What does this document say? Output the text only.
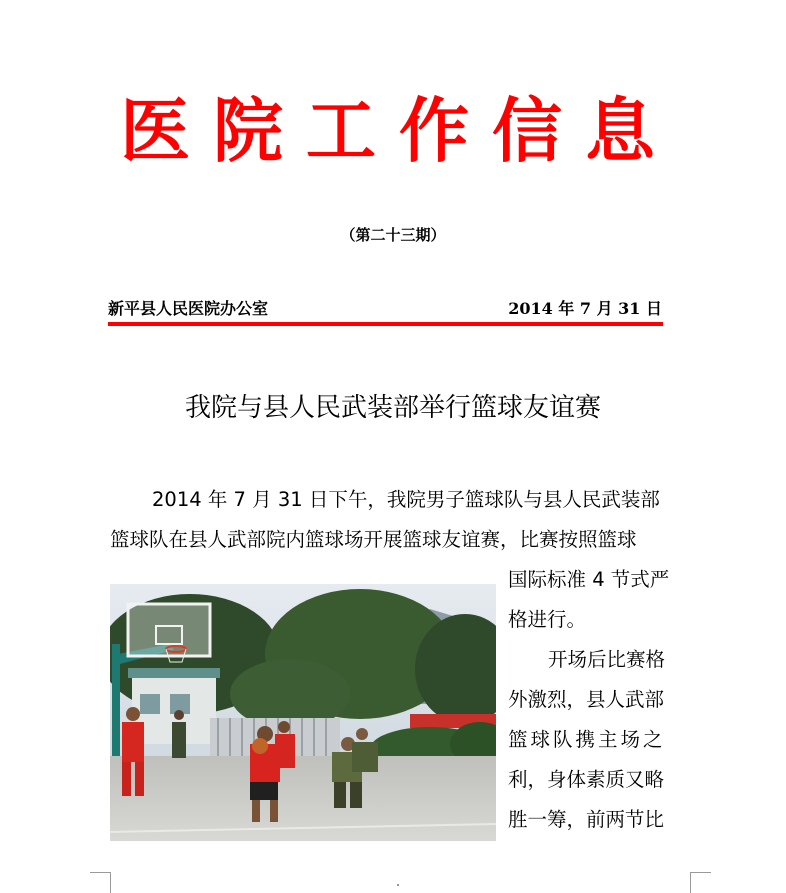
医院工作信息
（第二十三期）
新平县人民医院办公室	2014 年 7 月 31 日
我院与县人民武装部举行篮球友谊赛
2014 年 7 月 31 日下午，我院男子篮球队与县人民武装部
篮球队在县人武部院内篮球场开展篮球友谊赛，比赛按照篮球
国际标准 4 节式严
格进行。
开场后比赛格
外激烈，县人武部
篮球队携主场之
利，身体素质又略
胜一筹，前两节比
